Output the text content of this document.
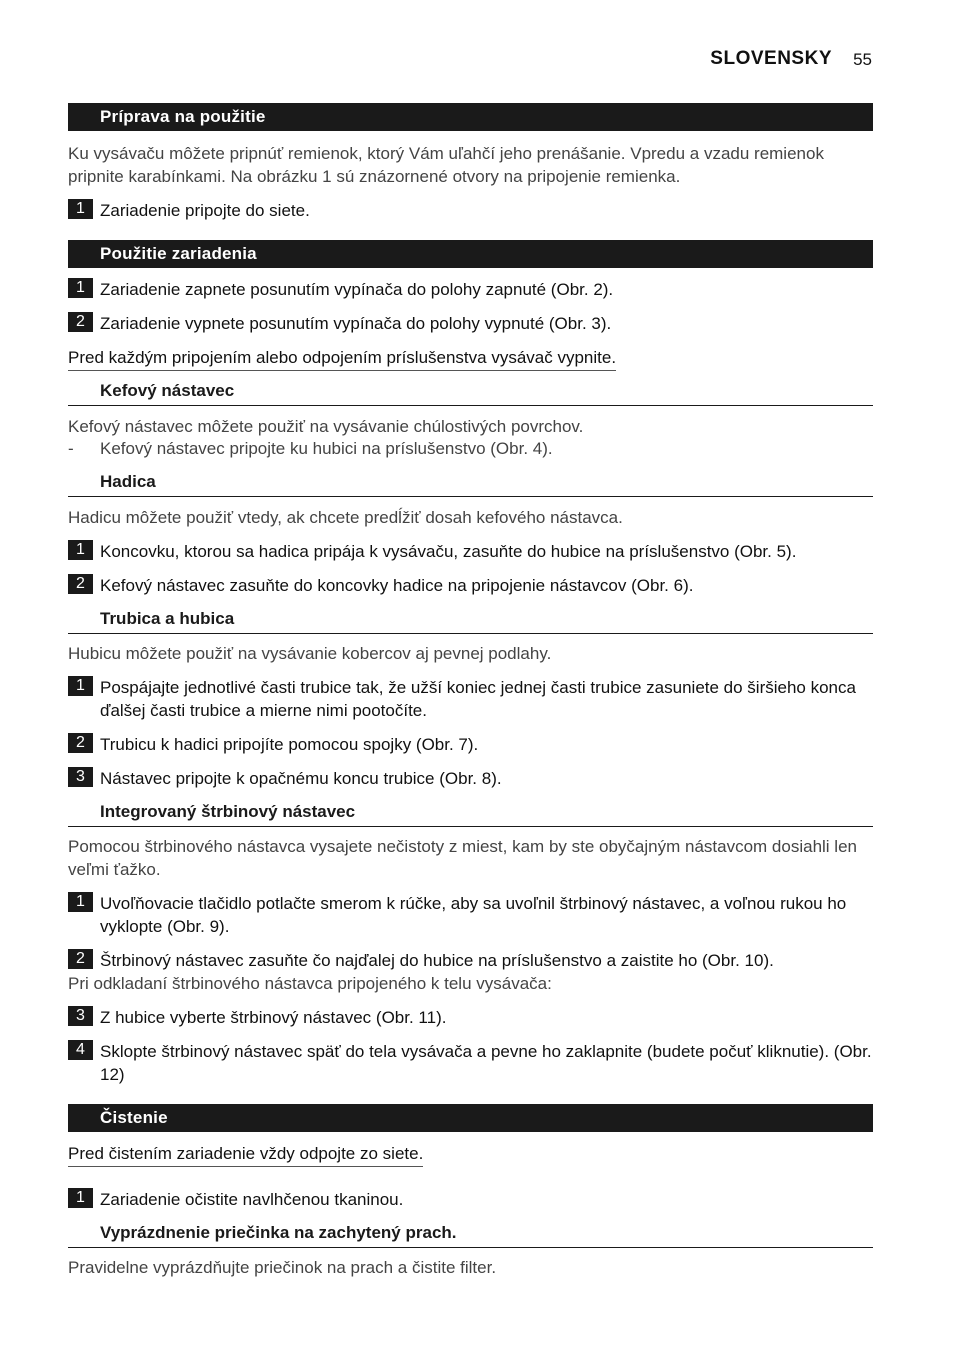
SLOVENSKY 55
Príprava na použitie
Ku vysávaču môžete pripnúť remienok, ktorý Vám uľahčí jeho prenášanie. Vpredu a vzadu remienok pripnite karabínkami. Na obrázku 1 sú znázornené otvory na pripojenie remienka.
1 Zariadenie pripojte do siete.
Použitie zariadenia
1 Zariadenie zapnete posunutím vypínača do polohy zapnuté (Obr. 2).
2 Zariadenie vypnete posunutím vypínača do polohy vypnuté (Obr. 3).
Pred každým pripojením alebo odpojením príslušenstva vysávač vypnite.
Kefový nástavec
Kefový nástavec môžete použiť na vysávanie chúlostivých povrchov.
- Kefový nástavec pripojte ku hubici na príslušenstvo (Obr. 4).
Hadica
Hadicu môžete použiť vtedy, ak chcete predĺžiť dosah kefového nástavca.
1 Koncovku, ktorou sa hadica pripája k vysávaču, zasuňte do hubice na príslušenstvo (Obr. 5).
2 Kefový nástavec zasuňte do koncovky hadice na pripojenie nástavcov (Obr. 6).
Trubica a hubica
Hubicu môžete použiť na vysávanie kobercov aj pevnej podlahy.
1 Pospájajte jednotlivé časti trubice tak, že užší koniec jednej časti trubice zasuniete do širšieho konca ďalšej časti trubice a mierne nimi pootočíte.
2 Trubicu k hadici pripojíte pomocou spojky (Obr. 7).
3 Nástavec pripojte k opačnému koncu trubice (Obr. 8).
Integrovaný štrbinový nástavec
Pomocou štrbinového nástavca vysajete nečistoty z miest, kam by ste obyčajným nástavcom dosiahli len veľmi ťažko.
1 Uvoľňovacie tlačidlo potlačte smerom k rúčke, aby sa uvoľnil štrbinový nástavec, a voľnou rukou ho vyklopte (Obr. 9).
2 Štrbinový nástavec zasuňte čo najďalej do hubice na príslušenstvo a zaistite ho (Obr. 10).
Pri odkladaní štrbinového nástavca pripojeného k telu vysávača:
3 Z hubice vyberte štrbinový nástavec (Obr. 11).
4 Sklopte štrbinový nástavec späť do tela vysávača a pevne ho zaklapnite (budete počuť kliknutie). (Obr. 12)
Čistenie
Pred čistením zariadenie vždy odpojte zo siete.
1 Zariadenie očistite navlhčenou tkaninou.
Vyprázdnenie priečinka na zachytený prach.
Pravidelne vyprázdňujte priečinok na prach a čistite filter.
